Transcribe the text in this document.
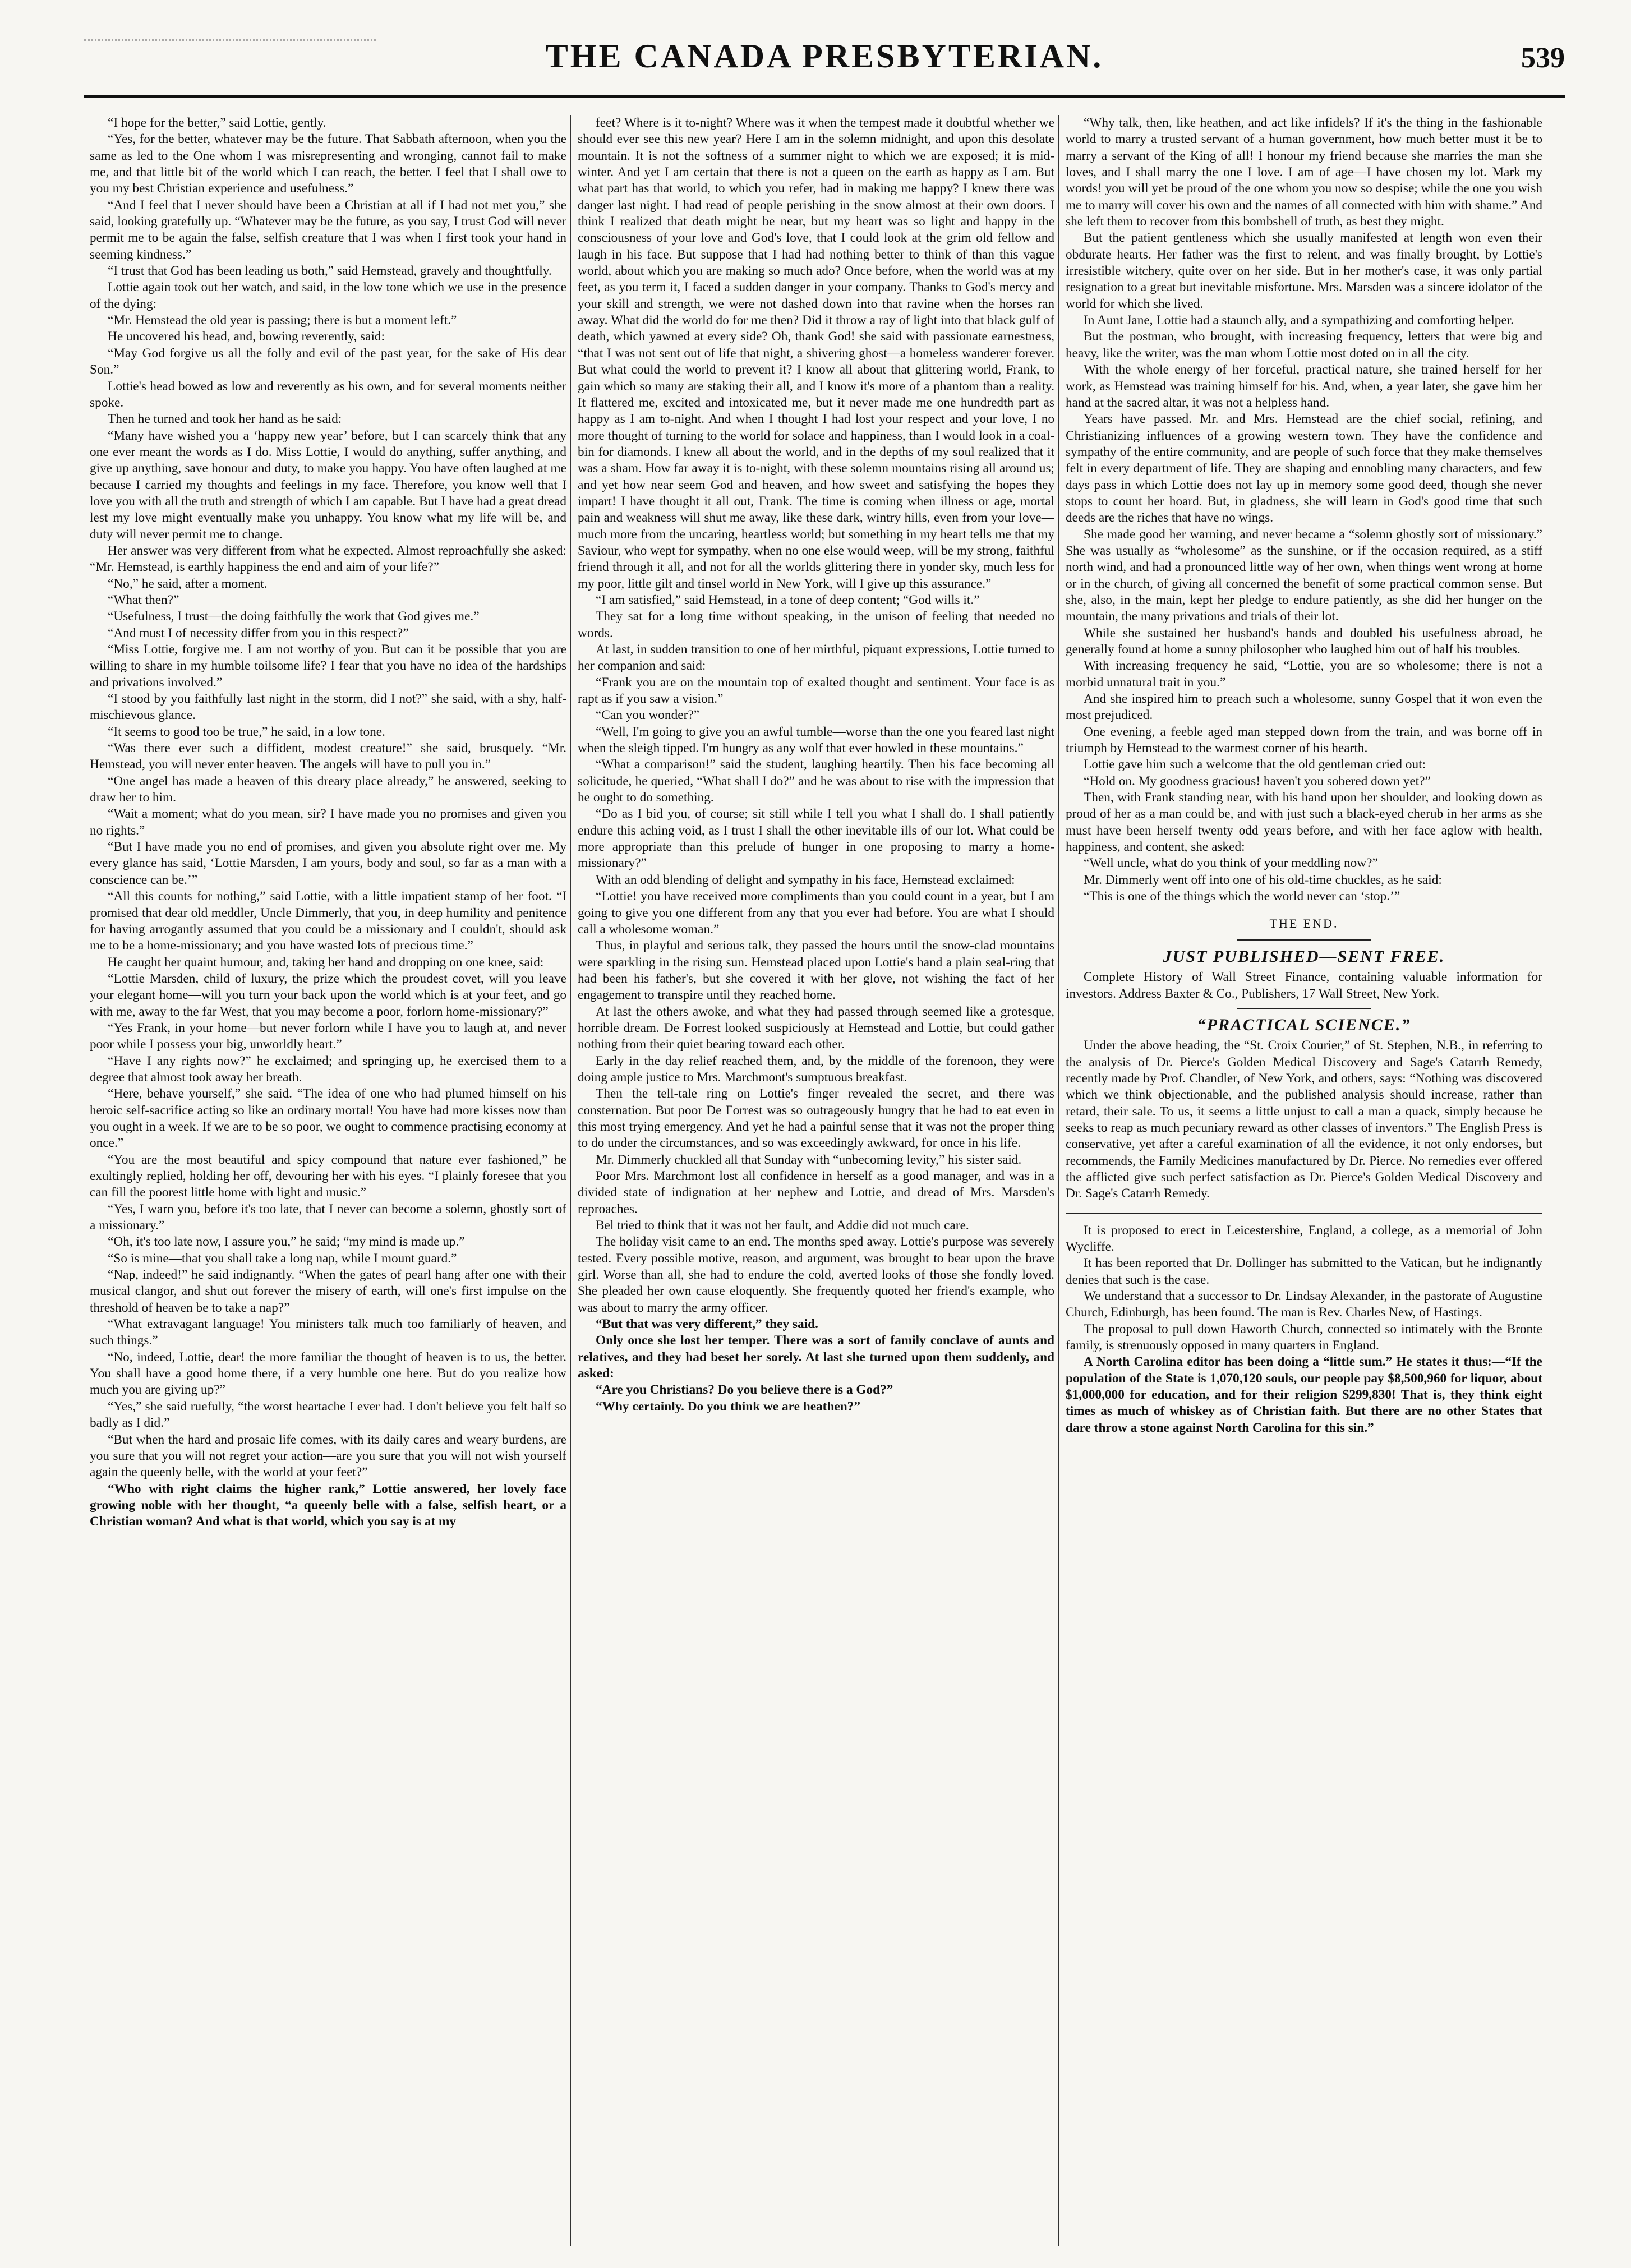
THE CANADA PRESBYTERIAN.	539

“I hope for the better,” said Lottie, gently.

“Yes, for the better, whatever may be the future. That Sabbath afternoon, when you the same as led to the One whom I was misrepresenting and wronging, cannot fail to make me, and that little bit of the world which I can reach, the better. I feel that I shall owe to you my best Christian experience and usefulness.”

“And I feel that I never should have been a Christian at all if I had not met you,” she said, looking gratefully up. “Whatever may be the future, as you say, I trust God will never permit me to be again the false, selfish creature that I was when I first took your hand in seeming kindness.”

“I trust that God has been leading us both,” said Hemstead, gravely and thoughtfully.

Lottie again took out her watch, and said, in the low tone which we use in the presence of the dying:

“Mr. Hemstead the old year is passing; there is but a moment left.”

He uncovered his head, and, bowing reverently, said:

“May God forgive us all the folly and evil of the past year, for the sake of His dear Son.”

Lottie's head bowed as low and reverently as his own, and for several moments neither spoke.

Then he turned and took her hand as he said:

“Many have wished you a ‘happy new year’ before, but I can scarcely think that any one ever meant the words as I do. Miss Lottie, I would do anything, suffer anything, and give up anything, save honour and duty, to make you happy. You have often laughed at me because I carried my thoughts and feelings in my face. Therefore, you know well that I love you with all the truth and strength of which I am capable. But I have had a great dread lest my love might eventually make you unhappy. You know what my life will be, and duty will never permit me to change.

Her answer was very different from what he expected. Almost reproachfully she asked: “Mr. Hemstead, is earthly happiness the end and aim of your life?”

“No,” he said, after a moment.

“What then?”

“Usefulness, I trust—the doing faithfully the work that God gives me.”

“And must I of necessity differ from you in this respect?”

“Miss Lottie, forgive me. I am not worthy of you. But can it be possible that you are willing to share in my humble toilsome life? I fear that you have no idea of the hardships and privations involved.”

“I stood by you faithfully last night in the storm, did I not?” she said, with a shy, half-mischievous glance.

“It seems to good too be true,” he said, in a low tone.

“Was there ever such a diffident, modest creature!” she said, brusquely. “Mr. Hemstead, you will never enter heaven. The angels will have to pull you in.”

“One angel has made a heaven of this dreary place already,” he answered, seeking to draw her to him.

“Wait a moment; what do you mean, sir? I have made you no promises and given you no rights.”

“But I have made you no end of promises, and given you absolute right over me. My every glance has said, ‘Lottie Marsden, I am yours, body and soul, so far as a man with a conscience can be.’”

“All this counts for nothing,” said Lottie, with a little impatient stamp of her foot. “I promised that dear old meddler, Uncle Dimmerly, that you, in deep humility and penitence for having arrogantly assumed that you could be a missionary and I couldn't, should ask me to be a home-missionary; and you have wasted lots of precious time.”

He caught her quaint humour, and, taking her hand and dropping on one knee, said:

“Lottie Marsden, child of luxury, the prize which the proudest covet, will you leave your elegant home—will you turn your back upon the world which is at your feet, and go with me, away to the far West, that you may become a poor, forlorn home-missionary?”

“Yes Frank, in your home—but never forlorn while I have you to laugh at, and never poor while I possess your big, unworldly heart.”

“Have I any rights now?” he exclaimed; and springing up, he exercised them to a degree that almost took away her breath.

“Here, behave yourself,” she said. “The idea of one who had plumed himself on his heroic self-sacrifice acting so like an ordinary mortal! You have had more kisses now than you ought in a week. If we are to be so poor, we ought to commence practising economy at once.”

“You are the most beautiful and spicy compound that nature ever fashioned,” he exultingly replied, holding her off, devouring her with his eyes. “I plainly foresee that you can fill the poorest little home with light and music.”

“Yes, I warn you, before it's too late, that I never can become a solemn, ghostly sort of a missionary.”

“Oh, it's too late now, I assure you,” he said; “my mind is made up.”

“So is mine—that you shall take a long nap, while I mount guard.”

“Nap, indeed!” he said indignantly. “When the gates of pearl hang after one with their musical clangor, and shut out forever the misery of earth, will one's first impulse on the threshold of heaven be to take a nap?”

“What extravagant language! You ministers talk much too familiarly of heaven, and such things.”

“No, indeed, Lottie, dear! the more familiar the thought of heaven is to us, the better. You shall have a good home there, if a very humble one here. But do you realize how much you are giving up?”

“Yes,” she said ruefully, “the worst heartache I ever had. I don't believe you felt half so badly as I did.”

“But when the hard and prosaic life comes, with its daily cares and weary burdens, are you sure that you will not regret your action—are you sure that you will not wish yourself again the queenly belle, with the world at your feet?”

“Who with right claims the higher rank,” Lottie answered, her lovely face growing noble with her thought, “a queenly belle with a false, selfish heart, or a Christian woman? And what is that world, which you say is at my

feet? Where is it to-night? Where was it when the tempest made it doubtful whether we should ever see this new year? Here I am in the solemn midnight, and upon this desolate mountain. It is not the softness of a summer night to which we are exposed; it is mid-winter. And yet I am certain that there is not a queen on the earth as happy as I am. But what part has that world, to which you refer, had in making me happy? I knew there was danger last night. I had read of people perishing in the snow almost at their own doors. I think I realized that death might be near, but my heart was so light and happy in the consciousness of your love and God's love, that I could look at the grim old fellow and laugh in his face. But suppose that I had had nothing better to think of than this vague world, about which you are making so much ado? Once before, when the world was at my feet, as you term it, I faced a sudden danger in your company. Thanks to God's mercy and your skill and strength, we were not dashed down into that ravine when the horses ran away. What did the world do for me then? Did it throw a ray of light into that black gulf of death, which yawned at every side? Oh, thank God! she said with passionate earnestness, “that I was not sent out of life that night, a shivering ghost—a homeless wanderer forever. But what could the world to prevent it? I know all about that glittering world, Frank, to gain which so many are staking their all, and I know it's more of a phantom than a reality. It flattered me, excited and intoxicated me, but it never made me one hundredth part as happy as I am to-night. And when I thought I had lost your respect and your love, I no more thought of turning to the world for solace and happiness, than I would look in a coal-bin for diamonds. I knew all about the world, and in the depths of my soul realized that it was a sham. How far away it is to-night, with these solemn mountains rising all around us; and yet how near seem God and heaven, and how sweet and satisfying the hopes they impart! I have thought it all out, Frank. The time is coming when illness or age, mortal pain and weakness will shut me away, like these dark, wintry hills, even from your love—much more from the uncaring, heartless world; but something in my heart tells me that my Saviour, who wept for sympathy, when no one else would weep, will be my strong, faithful friend through it all, and not for all the worlds glittering there in yonder sky, much less for my poor, little gilt and tinsel world in New York, will I give up this assurance.”

“I am satisfied,” said Hemstead, in a tone of deep content; “God wills it.”

They sat for a long time without speaking, in the unison of feeling that needed no words.

At last, in sudden transition to one of her mirthful, piquant expressions, Lottie turned to her companion and said:

“Frank you are on the mountain top of exalted thought and sentiment. Your face is as rapt as if you saw a vision.”

“Can you wonder?”

“Well, I'm going to give you an awful tumble—worse than the one you feared last night when the sleigh tipped. I'm hungry as any wolf that ever howled in these mountains.”

“What a comparison!” said the student, laughing heartily. Then his face becoming all solicitude, he queried, “What shall I do?” and he was about to rise with the impression that he ought to do something.

“Do as I bid you, of course; sit still while I tell you what I shall do. I shall patiently endure this aching void, as I trust I shall the other inevitable ills of our lot. What could be more appropriate than this prelude of hunger in one proposing to marry a home-missionary?”

With an odd blending of delight and sympathy in his face, Hemstead exclaimed:

“Lottie! you have received more compliments than you could count in a year, but I am going to give you one different from any that you ever had before. You are what I should call a wholesome woman.”

Thus, in playful and serious talk, they passed the hours until the snow-clad mountains were sparkling in the rising sun. Hemstead placed upon Lottie's hand a plain seal-ring that had been his father's, but she covered it with her glove, not wishing the fact of her engagement to transpire until they reached home.

At last the others awoke, and what they had passed through seemed like a grotesque, horrible dream. De Forrest looked suspiciously at Hemstead and Lottie, but could gather nothing from their quiet bearing toward each other.

Early in the day relief reached them, and, by the middle of the forenoon, they were doing ample justice to Mrs. Marchmont's sumptuous breakfast.

Then the tell-tale ring on Lottie's finger revealed the secret, and there was consternation. But poor De Forrest was so outrageously hungry that he had to eat even in this most trying emergency. And yet he had a painful sense that it was not the proper thing to do under the circumstances, and so was exceedingly awkward, for once in his life.

Mr. Dimmerly chuckled all that Sunday with “unbecoming levity,” his sister said.

Poor Mrs. Marchmont lost all confidence in herself as a good manager, and was in a divided state of indignation at her nephew and Lottie, and dread of Mrs. Marsden's reproaches.

Bel tried to think that it was not her fault, and Addie did not much care.

The holiday visit came to an end. The months sped away. Lottie's purpose was severely tested. Every possible motive, reason, and argument, was brought to bear upon the brave girl. Worse than all, she had to endure the cold, averted looks of those she fondly loved. She pleaded her own cause eloquently. She frequently quoted her friend's example, who was about to marry the army officer.

“But that was very different,” they said.

Only once she lost her temper. There was a sort of family conclave of aunts and relatives, and they had beset her sorely. At last she turned upon them suddenly, and asked:

“Are you Christians? Do you believe there is a God?”

“Why certainly. Do you think we are heathen?”

“Why talk, then, like heathen, and act like infidels? If it's the thing in the fashionable world to marry a trusted servant of a human government, how much better must it be to marry a servant of the King of all! I honour my friend because she marries the man she loves, and I shall marry the one I love. I am of age—I have chosen my lot. Mark my words! you will yet be proud of the one whom you now so despise; while the one you wish me to marry will cover his own and the names of all connected with him with shame.” And she left them to recover from this bombshell of truth, as best they might.

But the patient gentleness which she usually manifested at length won even their obdurate hearts. Her father was the first to relent, and was finally brought, by Lottie's irresistible witchery, quite over on her side. But in her mother's case, it was only partial resignation to a great but inevitable misfortune. Mrs. Marsden was a sincere idolator of the world for which she lived.

In Aunt Jane, Lottie had a staunch ally, and a sympathizing and comforting helper.

But the postman, who brought, with increasing frequency, letters that were big and heavy, like the writer, was the man whom Lottie most doted on in all the city.

With the whole energy of her forceful, practical nature, she trained herself for her work, as Hemstead was training himself for his. And, when, a year later, she gave him her hand at the sacred altar, it was not a helpless hand.

Years have passed. Mr. and Mrs. Hemstead are the chief social, refining, and Christianizing influences of a growing western town. They have the confidence and sympathy of the entire community, and are people of such force that they make themselves felt in every department of life. They are shaping and ennobling many characters, and few days pass in which Lottie does not lay up in memory some good deed, though she never stops to count her hoard. But, in gladness, she will learn in God's good time that such deeds are the riches that have no wings.

She made good her warning, and never became a “solemn ghostly sort of missionary.” She was usually as “wholesome” as the sunshine, or if the occasion required, as a stiff north wind, and had a pronounced little way of her own, when things went wrong at home or in the church, of giving all concerned the benefit of some practical common sense. But she, also, in the main, kept her pledge to endure patiently, as she did her hunger on the mountain, the many privations and trials of their lot.

While she sustained her husband's hands and doubled his usefulness abroad, he generally found at home a sunny philosopher who laughed him out of half his troubles.

With increasing frequency he said, “Lottie, you are so wholesome; there is not a morbid unnatural trait in you.”

And she inspired him to preach such a wholesome, sunny Gospel that it won even the most prejudiced.

One evening, a feeble aged man stepped down from the train, and was borne off in triumph by Hemstead to the warmest corner of his hearth.

Lottie gave him such a welcome that the old gentleman cried out:

“Hold on. My goodness gracious! haven't you sobered down yet?”

Then, with Frank standing near, with his hand upon her shoulder, and looking down as proud of her as a man could be, and with just such a black-eyed cherub in her arms as she must have been herself twenty odd years before, and with her face aglow with health, happiness, and content, she asked:

“Well uncle, what do you think of your meddling now?”

Mr. Dimmerly went off into one of his old-time chuckles, as he said:

“This is one of the things which the world never can ‘stop.’”

THE END.

JUST PUBLISHED—SENT FREE.

Complete History of Wall Street Finance, containing valuable information for investors. Address Baxter & Co., Publishers, 17 Wall Street, New York.

“PRACTICAL SCIENCE.”

Under the above heading, the “St. Croix Courier,” of St. Stephen, N.B., in referring to the analysis of Dr. Pierce's Golden Medical Discovery and Sage's Catarrh Remedy, recently made by Prof. Chandler, of New York, and others, says: “Nothing was discovered which we think objectionable, and the published analysis should increase, rather than retard, their sale. To us, it seems a little unjust to call a man a quack, simply because he seeks to reap as much pecuniary reward as other classes of inventors.” The English Press is conservative, yet after a careful examination of all the evidence, it not only endorses, but recommends, the Family Medicines manufactured by Dr. Pierce. No remedies ever offered the afflicted give such perfect satisfaction as Dr. Pierce's Golden Medical Discovery and Dr. Sage's Catarrh Remedy.

It is proposed to erect in Leicestershire, England, a college, as a memorial of John Wycliffe.

It has been reported that Dr. Dollinger has submitted to the Vatican, but he indignantly denies that such is the case.

We understand that a successor to Dr. Lindsay Alexander, in the pastorate of Augustine Church, Edinburgh, has been found. The man is Rev. Charles New, of Hastings.

The proposal to pull down Haworth Church, connected so intimately with the Bronte family, is strenuously opposed in many quarters in England.

A North Carolina editor has been doing a “little sum.” He states it thus:—“If the population of the State is 1,070,120 souls, our people pay $8,500,960 for liquor, about $1,000,000 for education, and for their religion $299,830! That is, they think eight times as much of whiskey as of Christian faith. But there are no other States that dare throw a stone against North Carolina for this sin.”
